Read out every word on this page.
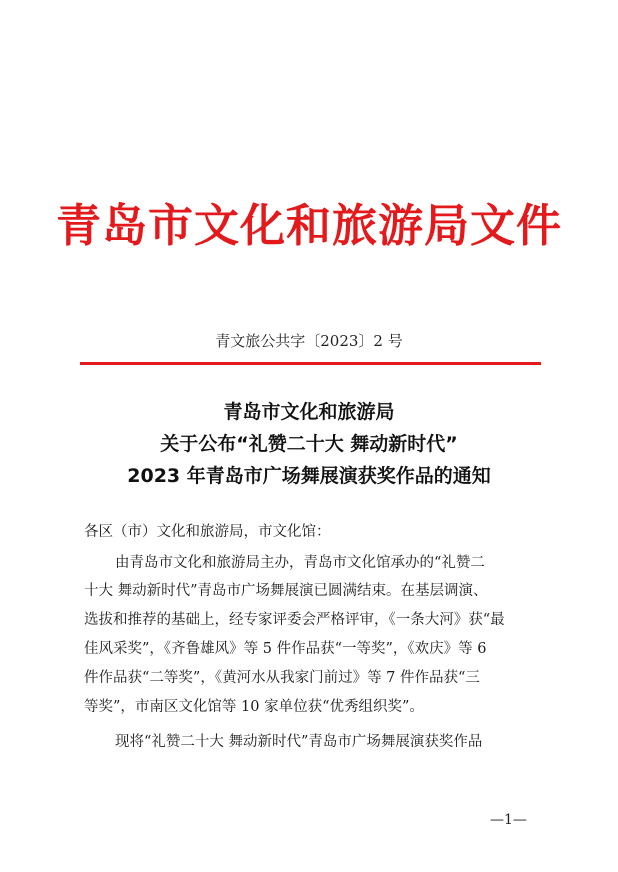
青岛市文化和旅游局文件
青文旅公共字〔2023〕2 号
青岛市文化和旅游局
关于公布“礼赞二十大 舞动新时代”
2023 年青岛市广场舞展演获奖作品的通知
各区（市）文化和旅游局，市文化馆：
由青岛市文化和旅游局主办，青岛市文化馆承办的“礼赞二
十大 舞动新时代”青岛市广场舞展演已圆满结束。在基层调演、
选拔和推荐的基础上，经专家评委会严格评审，《一条大河》获“最
佳风采奖”，《齐鲁雄风》等 5 件作品获“一等奖”，《欢庆》等 6
件作品获“二等奖”，《黄河水从我家门前过》等 7 件作品获“三
等奖”，市南区文化馆等 10 家单位获“优秀组织奖”。
现将“礼赞二十大 舞动新时代”青岛市广场舞展演获奖作品
—1—
